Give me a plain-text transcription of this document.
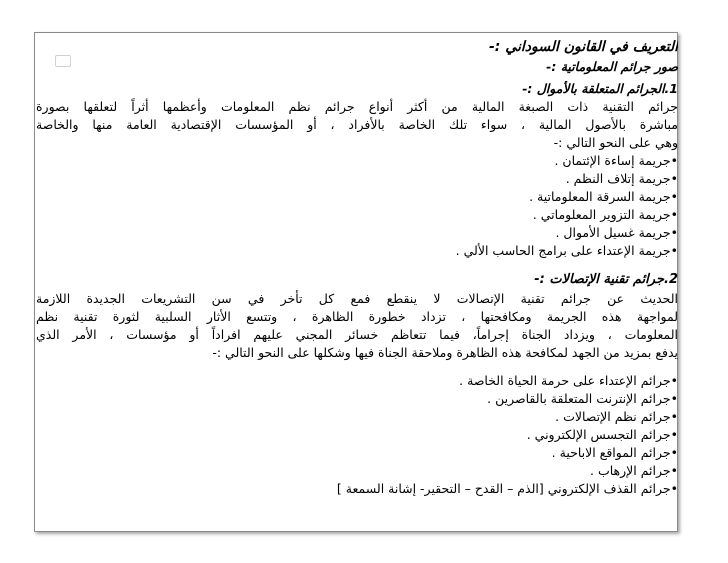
التعريف في القانون السوداني :-
صور جرائم المعلوماتية :-
1.الجرائم المتعلقة بالأموال :-
جرائم التقنية ذات الصبغة المالية من أكثر أنواع جرائم نظم المعلومات وأعظمها أثراً لتعلقها بصورة
مباشرة بالأصول المالية ، سواء تلك الخاصة بالأفراد ، أو المؤسسات الإقتصادية العامة منها والخاصة
وهي على النحو التالي :-
•جريمة إساءة الإئتمان .
•جريمة إتلاف النظم .
•جريمة السرقة المعلوماتية .
•جريمة التزوير المعلوماتي .
•جريمة غسيل الأموال .
•جريمة الإعتداء على برامج الحاسب الألي .
2.جرائم تقنية الإتصالات :-
الحديث عن جرائم تقنية الإتصالات لا ينقطع فمع كل تأخر في سن التشريعات الجديدة اللازمة
لمواجهة هذه الجريمة ومكافحتها ، تزداد خطورة الظاهرة ، وتتسع الأثار السلبية لثورة تقنية نظم
المعلومات ، ويزداد الجناة إجراماً، فيما تتعاظم خسائر المجني عليهم افراداً أو مؤسسات ، الأمر الذي
يدفع بمزيد من الجهد لمكافحة هذه الظاهرة وملاحقة الجناة فيها وشكلها على النحو التالي :-
•جرائم الإعتداء على حرمة الحياة الخاصة .
•جرائم الإنترنت المتعلقة بالقاصرين .
•جرائم نظم الإتصالات .
•جرائم التجسس الإلكتروني .
•جرائم المواقع الاباحية .
•جرائم الإرهاب .
•جرائم القذف الإلكتروني [الذم – القدح – التحقير- إشانة السمعة ]
